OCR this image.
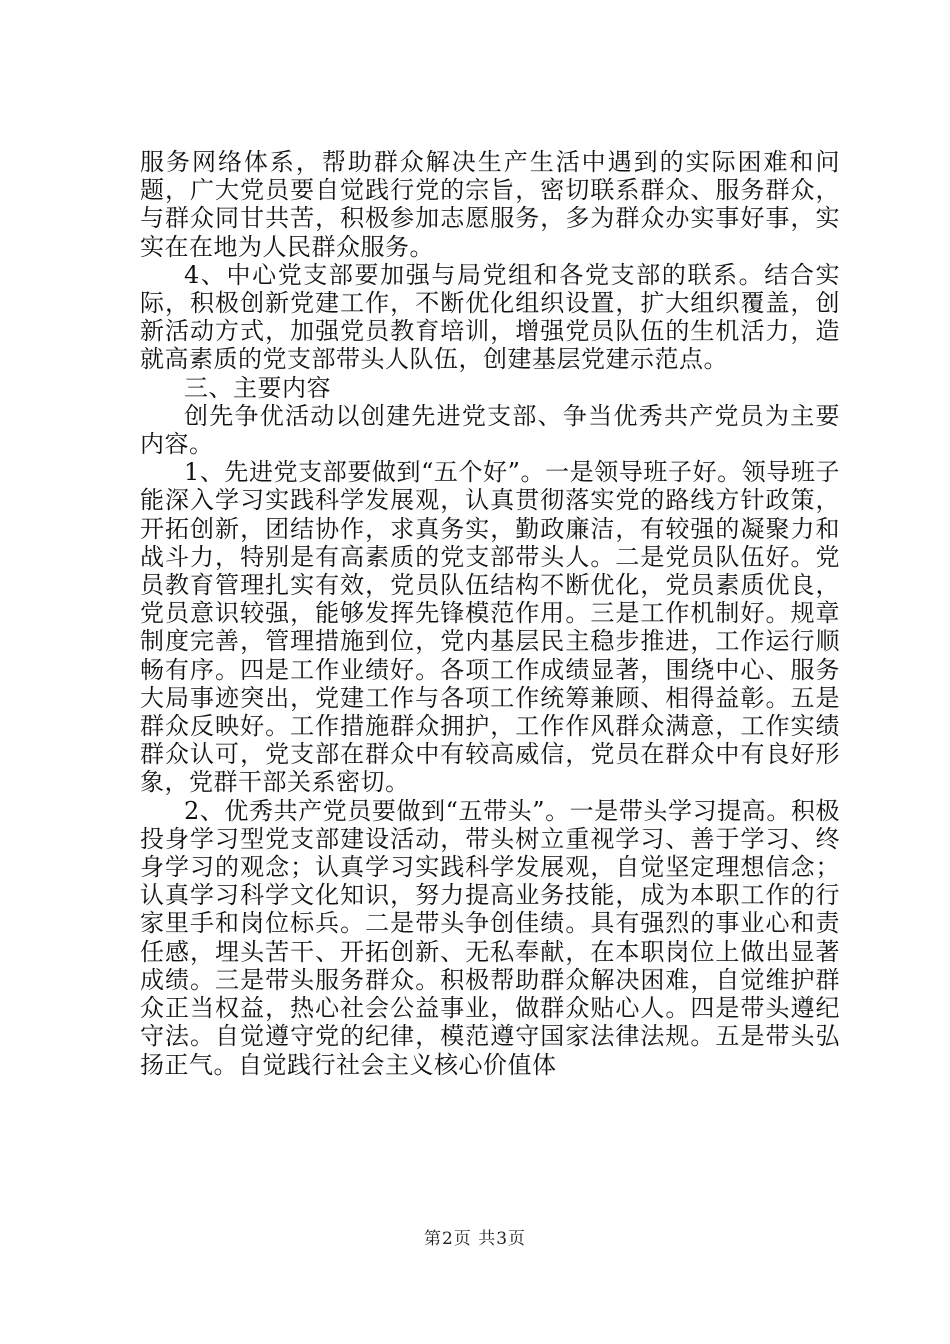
服务网络体系，帮助群众解决生产生活中遇到的实际困难和问题，广大党员要自觉践行党的宗旨，密切联系群众、服务群众，与群众同甘共苦，积极参加志愿服务，多为群众办实事好事，实实在在地为人民群众服务。

4、中心党支部要加强与局党组和各党支部的联系。结合实际，积极创新党建工作，不断优化组织设置，扩大组织覆盖，创新活动方式，加强党员教育培训，增强党员队伍的生机活力，造就高素质的党支部带头人队伍，创建基层党建示范点。

三、主要内容

创先争优活动以创建先进党支部、争当优秀共产党员为主要内容。

1、先进党支部要做到“五个好”。一是领导班子好。领导班子能深入学习实践科学发展观，认真贯彻落实党的路线方针政策，开拓创新，团结协作，求真务实，勤政廉洁，有较强的凝聚力和战斗力，特别是有高素质的党支部带头人。二是党员队伍好。党员教育管理扎实有效，党员队伍结构不断优化，党员素质优良，党员意识较强，能够发挥先锋模范作用。三是工作机制好。规章制度完善，管理措施到位，党内基层民主稳步推进，工作运行顺畅有序。四是工作业绩好。各项工作成绩显著，围绕中心、服务大局事迹突出，党建工作与各项工作统筹兼顾、相得益彰。五是群众反映好。工作措施群众拥护，工作作风群众满意，工作实绩群众认可，党支部在群众中有较高威信，党员在群众中有良好形象，党群干部关系密切。

2、优秀共产党员要做到“五带头”。一是带头学习提高。积极投身学习型党支部建设活动，带头树立重视学习、善于学习、终身学习的观念；认真学习实践科学发展观，自觉坚定理想信念；认真学习科学文化知识，努力提高业务技能，成为本职工作的行家里手和岗位标兵。二是带头争创佳绩。具有强烈的事业心和责任感，埋头苦干、开拓创新、无私奉献，在本职岗位上做出显著成绩。三是带头服务群众。积极帮助群众解决困难，自觉维护群众正当权益，热心社会公益事业，做群众贴心人。四是带头遵纪守法。自觉遵守党的纪律，模范遵守国家法律法规。五是带头弘扬正气。自觉践行社会主义核心价值体

第2页 共3页
